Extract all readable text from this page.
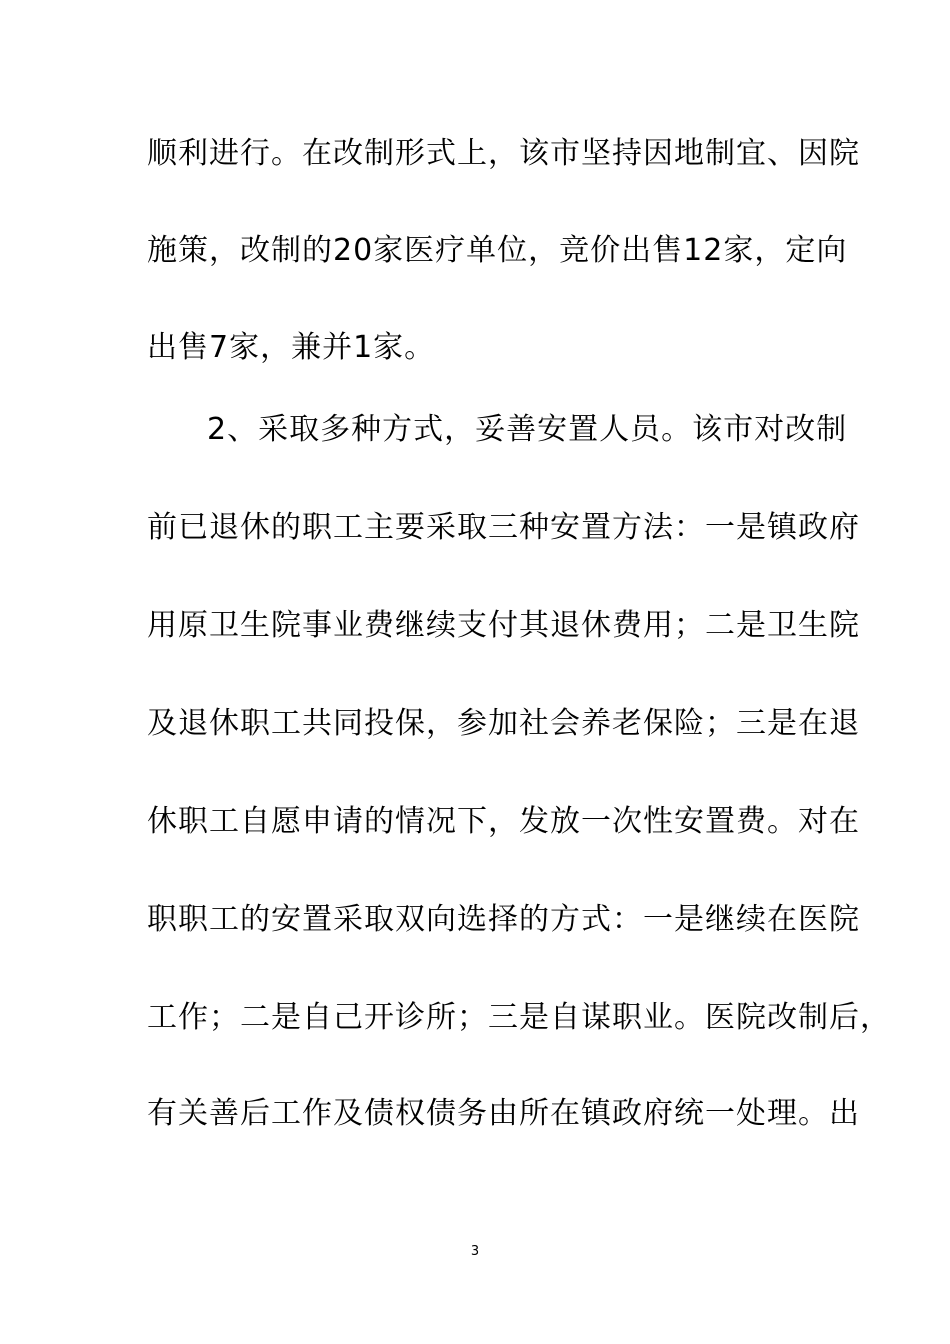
顺利进行。在改制形式上，该市坚持因地制宜、因院
施策，改制的20家医疗单位，竞价出售12家，定向
出售7家，兼并1家。
2、采取多种方式，妥善安置人员。该市对改制
前已退休的职工主要采取三种安置方法：一是镇政府
用原卫生院事业费继续支付其退休费用；二是卫生院
及退休职工共同投保，参加社会养老保险；三是在退
休职工自愿申请的情况下，发放一次性安置费。对在
职职工的安置采取双向选择的方式：一是继续在医院
工作；二是自己开诊所；三是自谋职业。医院改制后，
有关善后工作及债权债务由所在镇政府统一处理。出
3
